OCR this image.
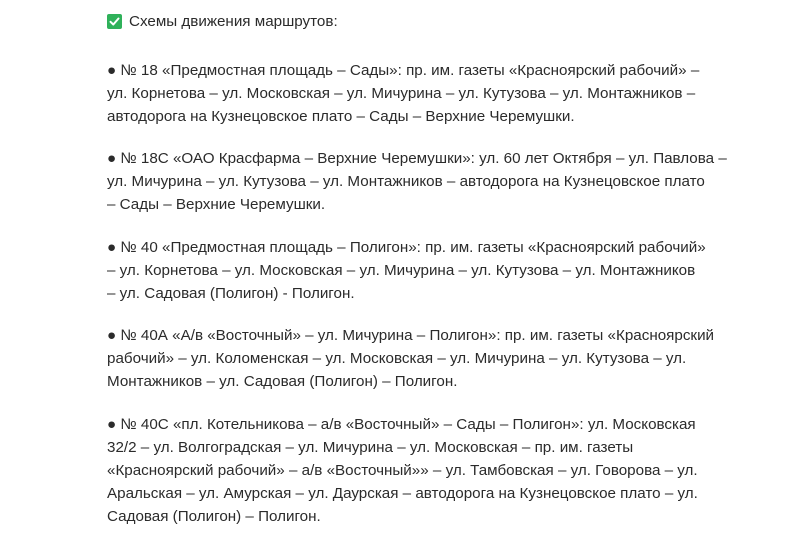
Схемы движения маршрутов:

● № 18 «Предмостная площадь – Сады»: пр. им. газеты «Красноярский рабочий» –
ул. Корнетова – ул. Московская – ул. Мичурина – ул. Кутузова – ул. Монтажников –
автодорога на Кузнецовское плато – Сады – Верхние Черемушки.

● № 18С «ОАО Красфарма – Верхние Черемушки»: ул. 60 лет Октября – ул. Павлова –
ул. Мичурина – ул. Кутузова – ул. Монтажников – автодорога на Кузнецовское плато
– Сады – Верхние Черемушки.

● № 40 «Предмостная площадь – Полигон»: пр. им. газеты «Красноярский рабочий»
– ул. Корнетова – ул. Московская – ул. Мичурина – ул. Кутузова – ул. Монтажников
– ул. Садовая (Полигон) - Полигон.

● № 40А «А/в «Восточный» – ул. Мичурина – Полигон»: пр. им. газеты «Красноярский
рабочий» – ул. Коломенская – ул. Московская – ул. Мичурина – ул. Кутузова – ул.
Монтажников – ул. Садовая (Полигон) – Полигон.

● № 40С «пл. Котельникова – а/в «Восточный» – Сады – Полигон»: ул. Московская
32/2 – ул. Волгоградская – ул. Мичурина – ул. Московская – пр. им. газеты
«Красноярский рабочий» – а/в «Восточный»» – ул. Тамбовская – ул. Говорова – ул.
Аральская – ул. Амурская – ул. Даурская – автодорога на Кузнецовское плато – ул.
Садовая (Полигон) – Полигон.
